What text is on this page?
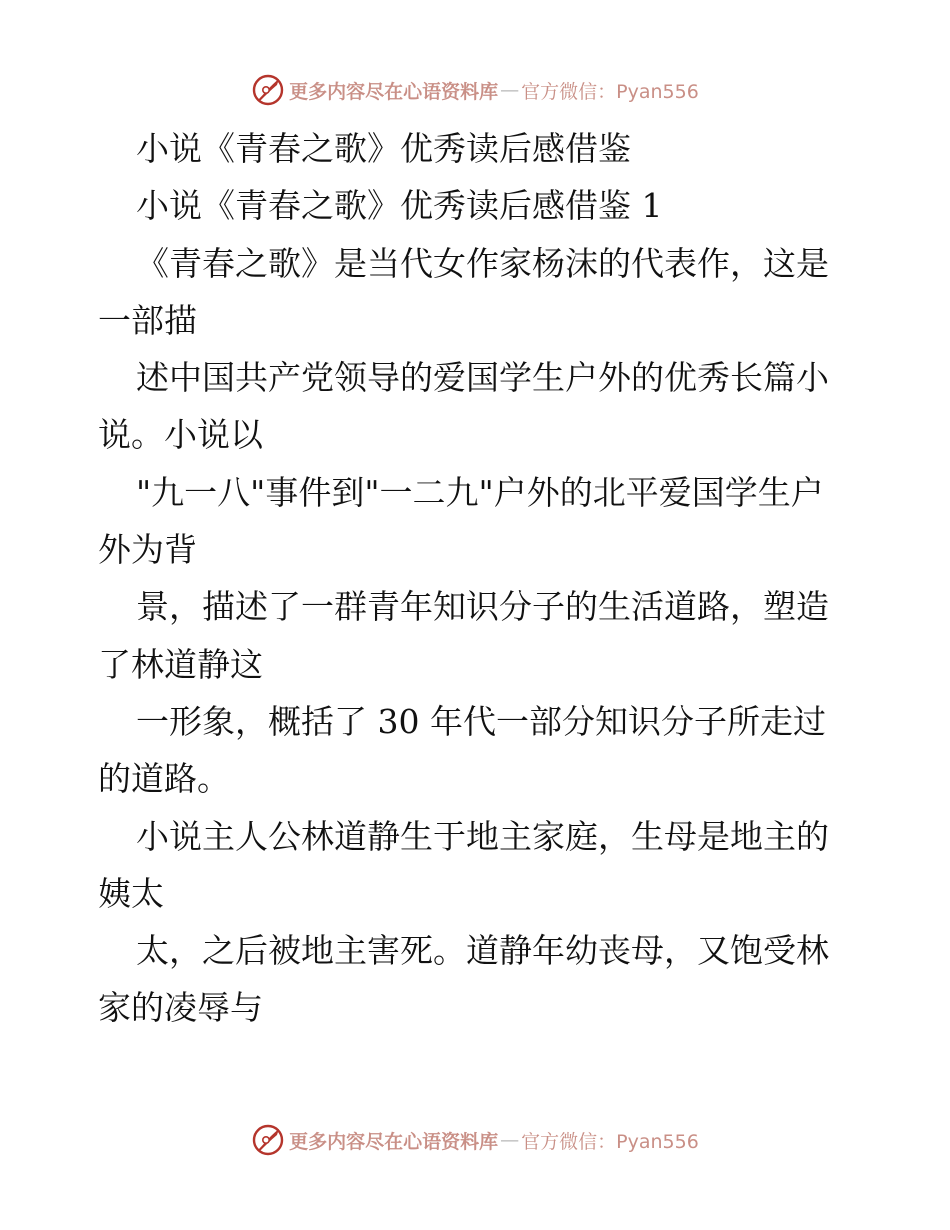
更多内容尽在心语资料库 — 官方微信：Pyan556
小说《青春之歌》优秀读后感借鉴
小说《青春之歌》优秀读后感借鉴 1
《青春之歌》是当代女作家杨沫的代表作，这是
一部描
述中国共产党领导的爱国学生户外的优秀长篇小
说。小说以
"九一八"事件到"一二九"户外的北平爱国学生户
外为背
景，描述了一群青年知识分子的生活道路，塑造
了林道静这
一形象，概括了 30 年代一部分知识分子所走过
的道路。
小说主人公林道静生于地主家庭，生母是地主的
姨太
太，之后被地主害死。道静年幼丧母，又饱受林
家的凌辱与
更多内容尽在心语资料库 — 官方微信：Pyan556
